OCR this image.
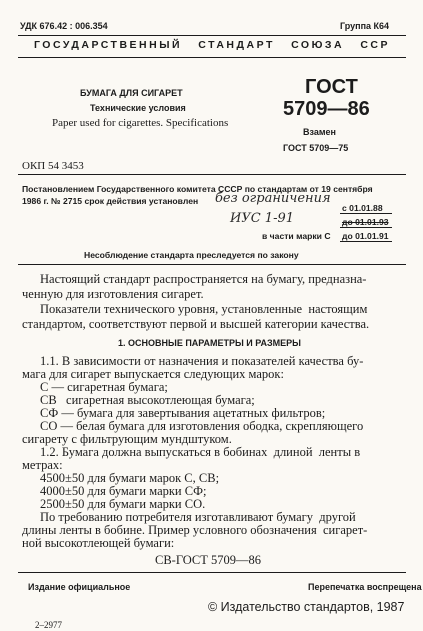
УДК 676.42 : 006.354	Группа К64
ГОСУДАРСТВЕННЫЙ   СТАНДАРТ   СОЮЗА   ССР
БУМАГА ДЛЯ СИГАРЕТ
Технические условия
Paper used for cigarettes. Specifications
ГОСТ
5709—86
Взамен
ГОСТ 5709—75
ОКП 54 3453
Постановлением Государственного комитета СССР по стандартам от 19 сентября
1986 г. № 2715 срок действия установлен без ограничения
ИУС 1-91
с 01.01.88
до 01.01.93
в части марки С до 01.01.91
Несоблюдение стандарта преследуется по закону
Настоящий стандарт распространяется на бумагу, предназна-
ченную для изготовления сигарет.
Показатели технического уровня, установленные  настоящим
стандартом, соответствуют первой и высшей категории качества.
1. ОСНОВНЫЕ ПАРАМЕТРЫ И РАЗМЕРЫ
1.1. В зависимости от назначения и показателей качества бу-
магa для сигарет выпускается следующих марок:
С — сигаретная бумага;
СВ   сигаретная высокотлеющая бумага;
СФ — бумага для завертывания ацетатных фильтров;
СО — белая бумага для изготовления ободка, скрепляющего
сигарету с фильтрующим мундштуком.
1.2. Бумага должна выпускаться в бобинах  длиной  ленты в
метрах:
4500±50 для бумаги марок С, СВ;
4000±50 для бумаги марки СФ;
2500±50 для бумаги марки СО.
По требованию потребителя изготавливают бумагу  другой
длины ленты в бобине. Пример условного обозначения  сигарет-
ной высокотлеющей бумаги:
СВ-ГОСТ 5709—86
Издание официальное	Перепечатка воспрещена
© Издательство стандартов, 1987
2–2977
